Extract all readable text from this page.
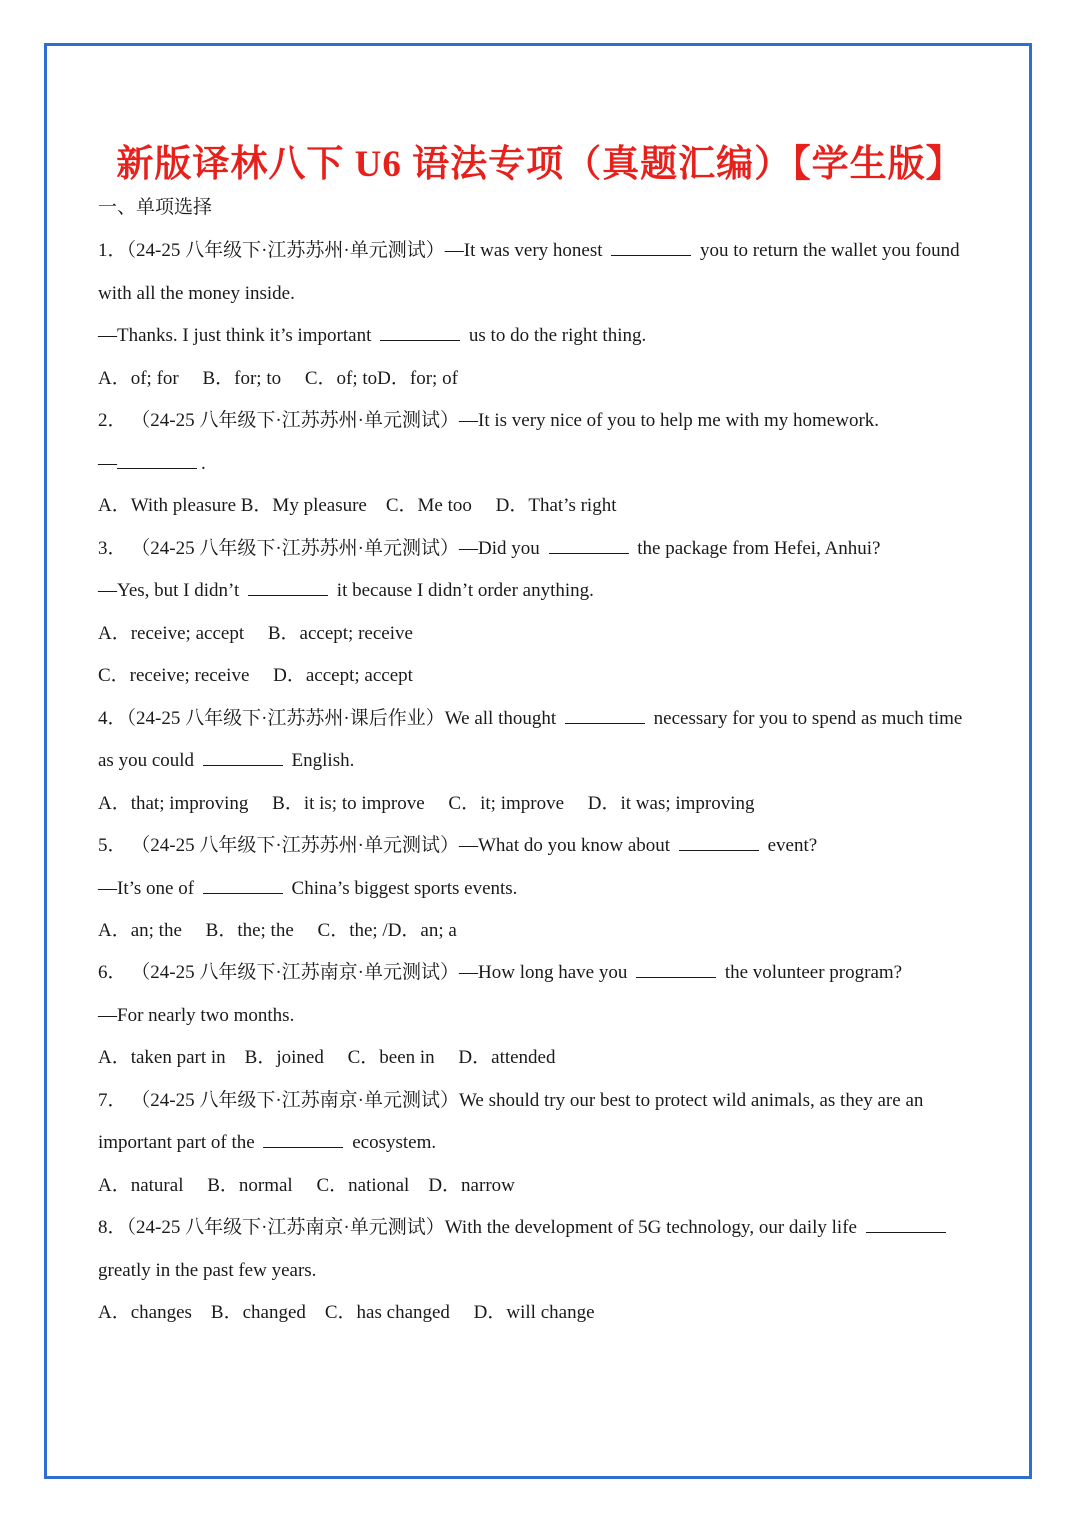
新版译林八下 U6 语法专项（真题汇编）【学生版】
一、单项选择
1．（24-25 八年级下·江苏苏州·单元测试）—It was very honest	you to return the wallet you found
with all the money inside.
—Thanks. I just think it’s important	us to do the right thing.
A．of; for　 B．for; to　 C．of; toD．for; of
2． （24-25 八年级下·江苏苏州·单元测试）—It is very nice of you to help me with my homework.
—	.
A．With pleasure B．My pleasure　C．Me too　 D．That’s right
3． （24-25 八年级下·江苏苏州·单元测试）—Did you	the package from Hefei, Anhui?
—Yes, but I didn’t	it because I didn’t order anything.
A．receive; accept　 B．accept; receive
C．receive; receive　 D．accept; accept
4．（24-25 八年级下·江苏苏州·课后作业）We all thought	necessary for you to spend as much time
as you could	English.
A．that; improving　 B．it is; to improve　 C．it; improve　 D．it was; improving
5． （24-25 八年级下·江苏苏州·单元测试）—What do you know about	event?
—It’s one of	China’s biggest sports events.
A．an; the　 B．the; the　 C．the; /D．an; a
6． （24-25 八年级下·江苏南京·单元测试）—How long have you	the volunteer program?
—For nearly two months.
A．taken part in　B．joined　 C．been in　 D．attended
7． （24-25 八年级下·江苏南京·单元测试）We should try our best to protect wild animals, as they are an
important part of the	ecosystem.
A．natural　 B．normal　 C．national　D．narrow
8．（24-25 八年级下·江苏南京·单元测试）With the development of 5G technology, our daily life
greatly in the past few years.
A．changes　B．changed　C．has changed　 D．will change
